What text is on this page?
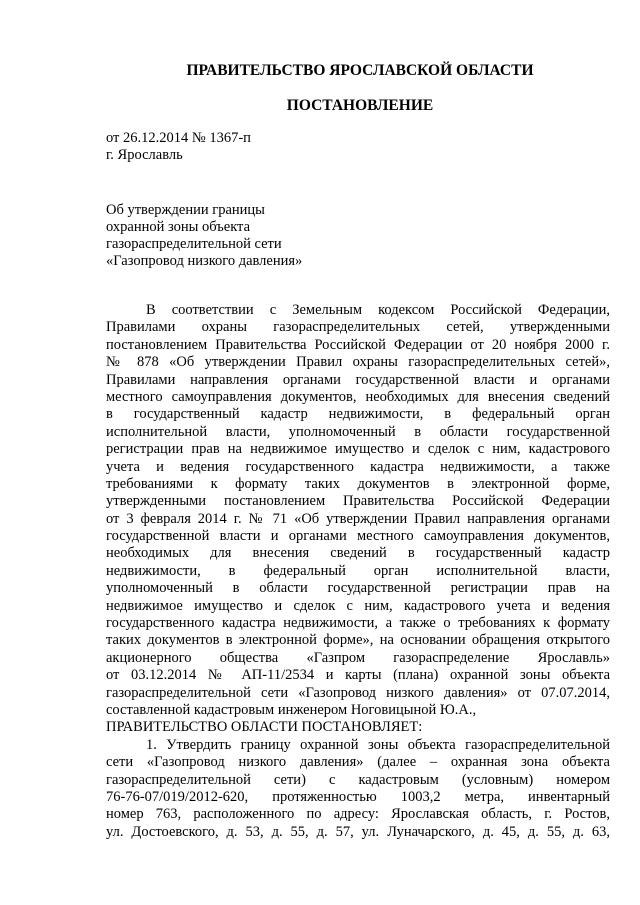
ПРАВИТЕЛЬСТВО ЯРОСЛАВСКОЙ ОБЛАСТИ
ПОСТАНОВЛЕНИЕ
от 26.12.2014 № 1367-п
г. Ярославль
Об утверждении границы
охранной зоны объекта
газораспределительной сети
«Газопровод низкого давления»
В соответствии с Земельным кодексом Российской Федерации,
Правилами охраны газораспределительных сетей, утвержденными
постановлением Правительства Российской Федерации от 20 ноября 2000 г.
№ 878 «Об утверждении Правил охраны газораспределительных сетей»,
Правилами направления органами государственной власти и органами
местного самоуправления документов, необходимых для внесения сведений
в государственный кадастр недвижимости, в федеральный орган
исполнительной власти, уполномоченный в области государственной
регистрации прав на недвижимое имущество и сделок с ним, кадастрового
учета и ведения государственного кадастра недвижимости, а также
требованиями к формату таких документов в электронной форме,
утвержденными постановлением Правительства Российской Федерации
от 3 февраля 2014 г. № 71 «Об утверждении Правил направления органами
государственной власти и органами местного самоуправления документов,
необходимых для внесения сведений в государственный кадастр
недвижимости, в федеральный орган исполнительной власти,
уполномоченный в области государственной регистрации прав на
недвижимое имущество и сделок с ним, кадастрового учета и ведения
государственного кадастра недвижимости, а также о требованиях к формату
таких документов в электронной форме», на основании обращения открытого
акционерного общества «Газпром газораспределение Ярославль»
от 03.12.2014 № АП-11/2534 и карты (плана) охранной зоны объекта
газораспределительной сети «Газопровод низкого давления» от 07.07.2014,
составленной кадастровым инженером Ноговицыной Ю.А.,
ПРАВИТЕЛЬСТВО ОБЛАСТИ ПОСТАНОВЛЯЕТ:
1. Утвердить границу охранной зоны объекта газораспределительной
сети «Газопровод низкого давления» (далее – охранная зона объекта
газораспределительной сети) с кадастровым (условным) номером
76-76-07/019/2012-620, протяженностью 1003,2 метра, инвентарный
номер 763, расположенного по адресу: Ярославская область, г. Ростов,
ул. Достоевского, д. 53, д. 55, д. 57, ул. Луначарского, д. 45, д. 55, д. 63,
